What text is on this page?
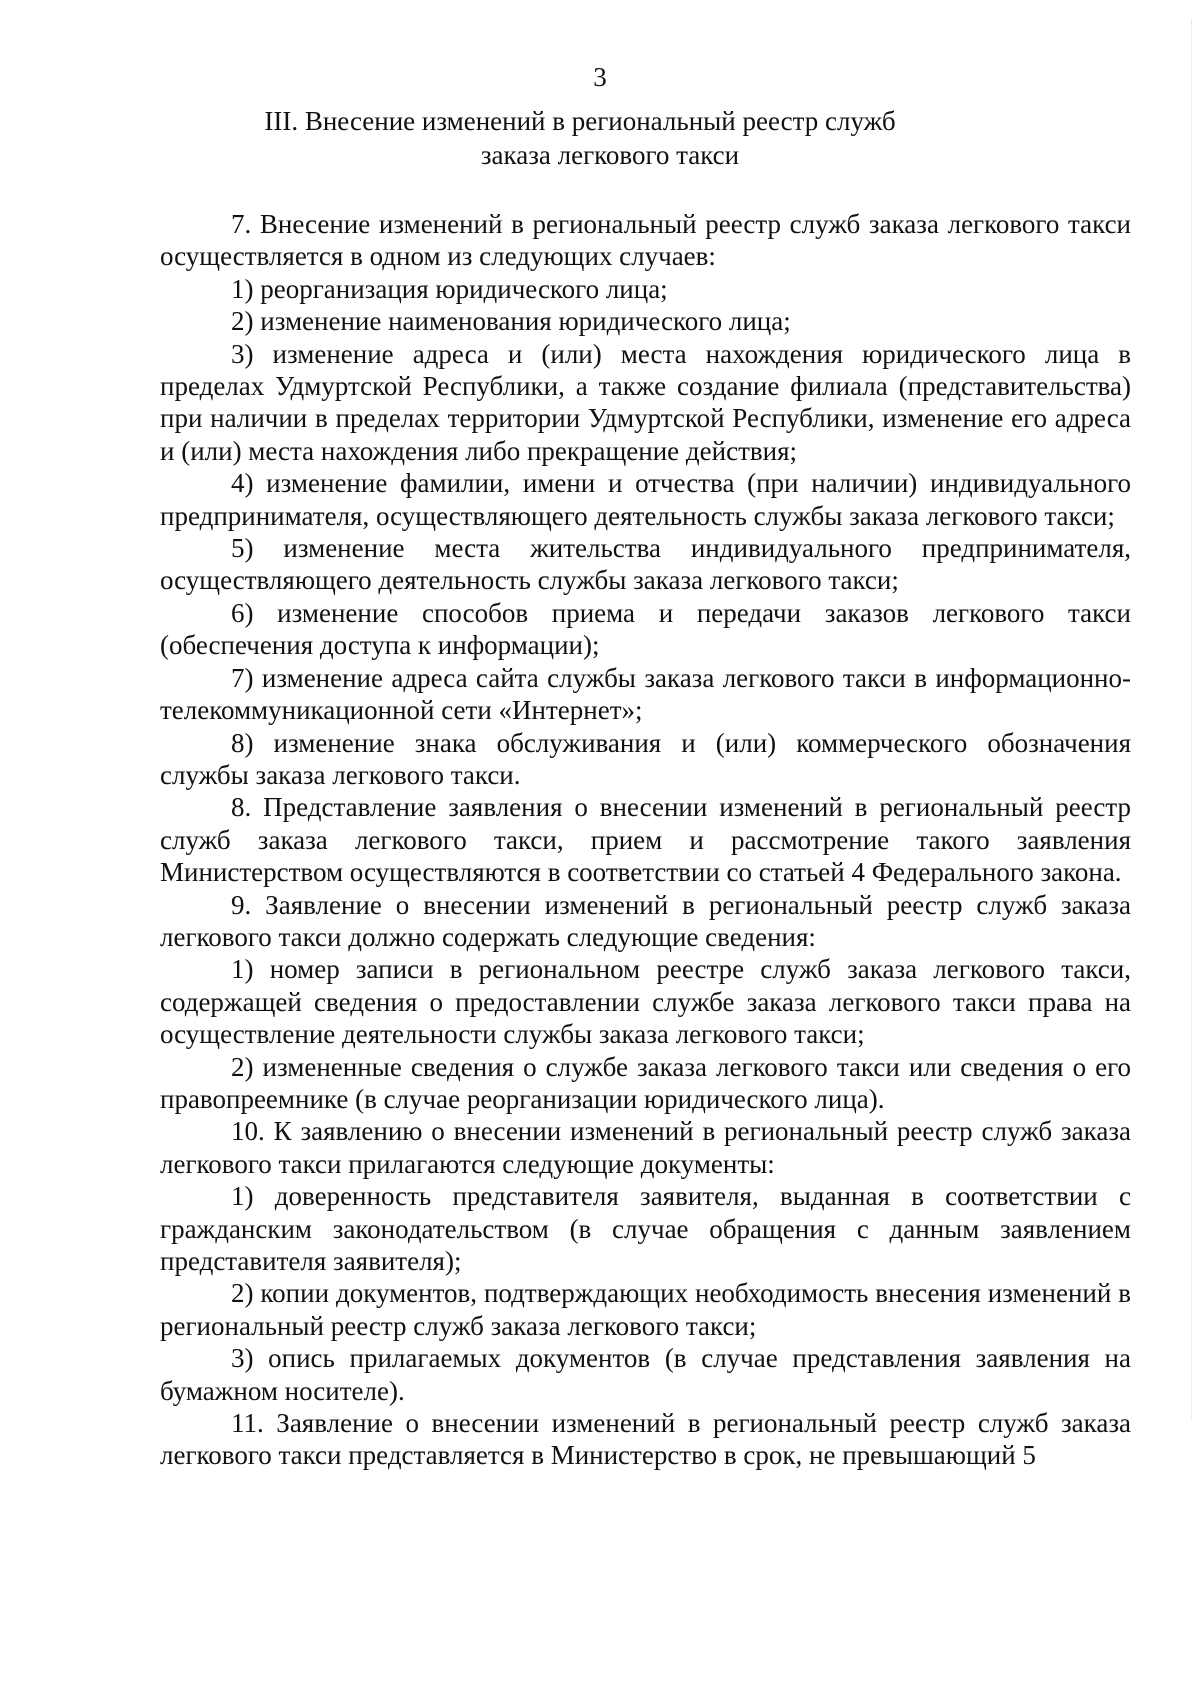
3
III. Внесение изменений в региональный реестр служб
заказа легкового такси

7. Внесение изменений в региональный реестр служб заказа легкового такси осуществляется в одном из следующих случаев:

1) реорганизация юридического лица;

2) изменение наименования юридического лица;

3) изменение адреса и (или) места нахождения юридического лица в пределах Удмуртской Республики, а также создание филиала (представительства) при наличии в пределах территории Удмуртской Республики, изменение его адреса и (или) места нахождения либо прекращение действия;

4) изменение фамилии, имени и отчества (при наличии) индивидуального предпринимателя, осуществляющего деятельность службы заказа легкового такси;

5) изменение места жительства индивидуального предпринимателя, осуществляющего деятельность службы заказа легкового такси;

6) изменение способов приема и передачи заказов легкового такси (обеспечения доступа к информации);

7) изменение адреса сайта службы заказа легкового такси в информационно-телекоммуникационной сети «Интернет»;

8) изменение знака обслуживания и (или) коммерческого обозначения службы заказа легкового такси.

8. Представление заявления о внесении изменений в региональный реестр служб заказа легкового такси, прием и рассмотрение такого заявления Министерством осуществляются в соответствии со статьей 4 Федерального закона.

9. Заявление о внесении изменений в региональный реестр служб заказа легкового такси должно содержать следующие сведения:

1) номер записи в региональном реестре служб заказа легкового такси, содержащей сведения о предоставлении службе заказа легкового такси права на осуществление деятельности службы заказа легкового такси;

2) измененные сведения о службе заказа легкового такси или сведения о его правопреемнике (в случае реорганизации юридического лица).

10. К заявлению о внесении изменений в региональный реестр служб заказа легкового такси прилагаются следующие документы:

1) доверенность представителя заявителя, выданная в соответствии с гражданским законодательством (в случае обращения с данным заявлением представителя заявителя);

2) копии документов, подтверждающих необходимость внесения изменений в региональный реестр служб заказа легкового такси;

3) опись прилагаемых документов (в случае представления заявления на бумажном носителе).

11. Заявление о внесении изменений в региональный реестр служб заказа легкового такси представляется в Министерство в срок, не превышающий 5
